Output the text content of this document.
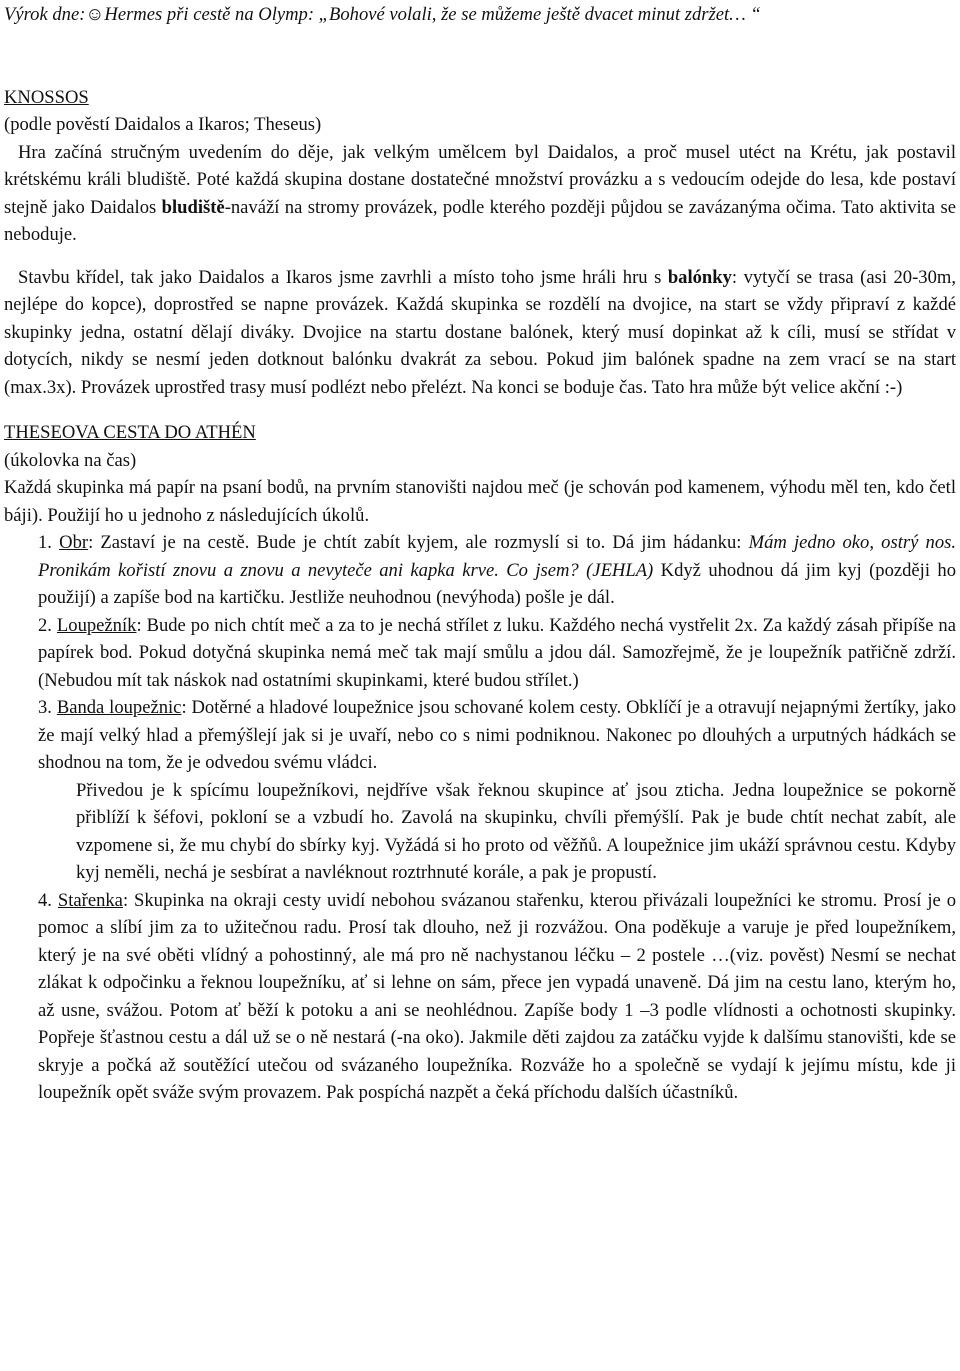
Výrok dne:☺Hermes při cestě na Olymp: „Bohové volali, že se můžeme ještě dvacet minut zdržet… “

KNOSSOS

(podle pověstí Daidalos a Ikaros; Theseus)

Hra začíná stručným uvedením do děje, jak velkým umělcem byl Daidalos, a proč musel utéct na Krétu, jak postavil krétskému králi bludiště. Poté každá skupina dostane dostatečné množství provázku a s vedoucím odejde do lesa, kde postaví stejně jako Daidalos bludiště-naváží na stromy provázek, podle kterého později půjdou se zavázanýma očima. Tato aktivita se neboduje.

Stavbu křídel, tak jako Daidalos a Ikaros jsme zavrhli a místo toho jsme hráli hru s balónky: vytyčí se trasa (asi 20-30m, nejlépe do kopce), doprostřed se napne provázek. Každá skupinka se rozdělí na dvojice, na start se vždy připraví z každé skupinky jedna, ostatní dělají diváky. Dvojice na startu dostane balónek, který musí dopinkat až k cíli, musí se střídat v dotycích, nikdy se nesmí jeden dotknout balónku dvakrát za sebou. Pokud jim balónek spadne na zem vrací se na start (max.3x). Provázek uprostřed trasy musí podlézt nebo přelézt. Na konci se boduje čas. Tato hra může být velice akční :-)

THESEOVA CESTA DO ATHÉN

(úkolovka na čas)

Každá skupinka má papír na psaní bodů, na prvním stanovišti najdou meč (je schován pod kamenem, výhodu měl ten, kdo četl báji). Použijí ho u jednoho z následujících úkolů.

1. Obr: Zastaví je na cestě. Bude je chtít zabít kyjem, ale rozmyslí si to. Dá jim hádanku: Mám jedno oko, ostrý nos. Pronikám kořistí znovu a znovu a nevyteče ani kapka krve. Co jsem? (JEHLA) Když uhodnou dá jim kyj (později ho použijí) a zapíše bod na kartičku. Jestliže neuhodnou (nevýhoda) pošle je dál.

2. Loupežník: Bude po nich chtít meč a za to je nechá střílet z luku. Každého nechá vystřelit 2x. Za každý zásah připíše na papírek bod. Pokud dotyčná skupinka nemá meč tak mají smůlu a jdou dál. Samozřejmě, že je loupežník patřičně zdrží. (Nebudou mít tak náskok nad ostatními skupinkami, které budou střílet.)

3. Banda loupežnic: Dotěrné a hladové loupežnice jsou schované kolem cesty. Obklíčí je a otravují nejapnými žertíky, jako že mají velký hlad a přemýšlejí jak si je uvaří, nebo co s nimi podniknou. Nakonec po dlouhých a urputných hádkách se shodnou na tom, že je odvedou svému vládci.

Přivedou je k spícímu loupežníkovi, nejdříve však řeknou skupince ať jsou zticha. Jedna loupežnice se pokorně přiblíží k šéfovi, pokloní se a vzbudí ho. Zavolá na skupinku, chvíli přemýšlí. Pak je bude chtít nechat zabít, ale vzpomene si, že mu chybí do sbírky kyj. Vyžádá si ho proto od věžňů. A loupežnice jim ukáží správnou cestu. Kdyby kyj neměli, nechá je sesbírat a navléknout roztrhnuté korále, a pak je propustí.

4. Stařenka: Skupinka na okraji cesty uvidí nebohou svázanou stařenku, kterou přivázali loupežníci ke stromu. Prosí je o pomoc a slíbí jim za to užitečnou radu. Prosí tak dlouho, než ji rozvážou. Ona poděkuje a varuje je před loupežníkem, který je na své oběti vlídný a pohostinný, ale má pro ně nachystanou léčku – 2 postele …(viz. pověst) Nesmí se nechat zlákat k odpočinku a řeknou loupežníku, ať si lehne on sám, přece jen vypadá unaveně. Dá jim na cestu lano, kterým ho, až usne, svážou. Potom ať běží k potoku a ani se neohlédnou. Zapíše body 1 –3 podle vlídnosti a ochotnosti skupinky. Popřeje šťastnou cestu a dál už se o ně nestará (-na oko). Jakmile děti zajdou za zatáčku vyjde k dalšímu stanovišti, kde se skryje a počká až soutěžící utečou od svázaného loupežníka. Rozváže ho a společně se vydají k jejímu místu, kde ji loupežník opět sváže svým provazem. Pak pospíchá nazpět a čeká příchodu dalších účastníků.
